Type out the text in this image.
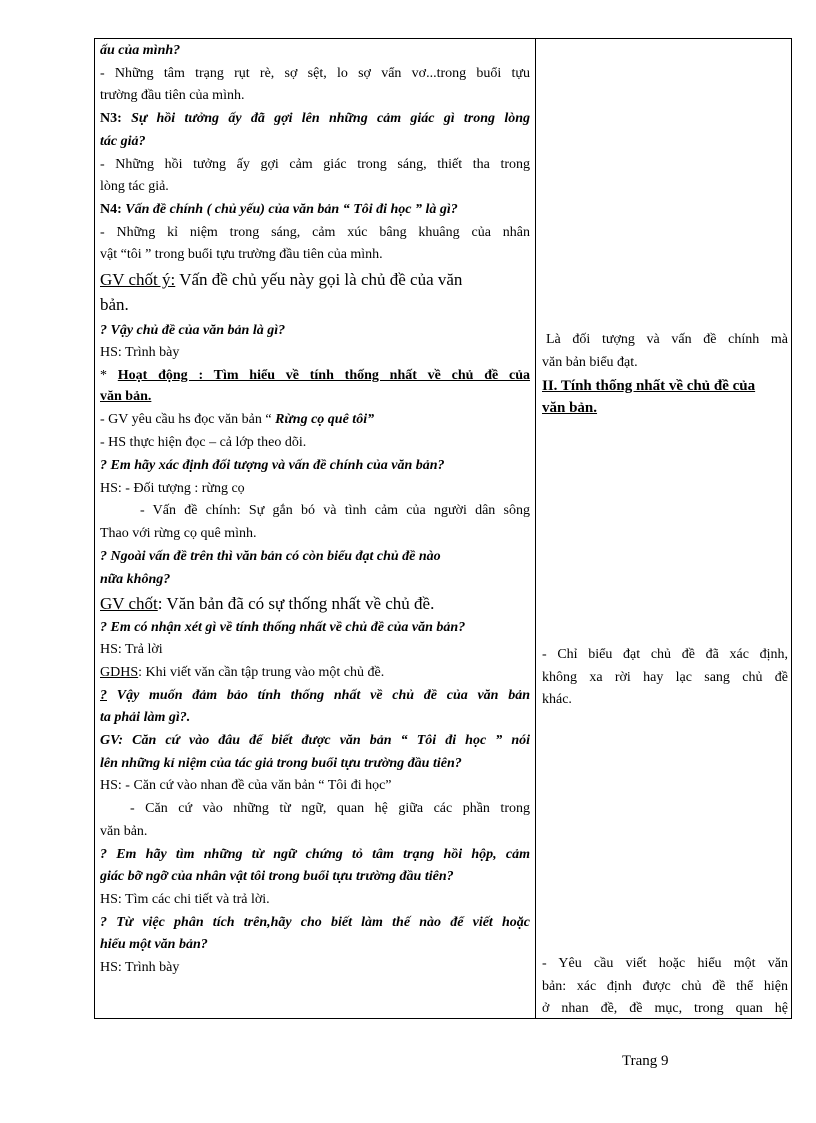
ấu của mình?
- Những tâm trạng rụt rè, sợ sệt, lo sợ vẩn vơ...trong buổi tựu
trường đầu tiên của mình.
N3: Sự hồi tưởng ấy đã gợi lên những cảm giác gì trong lòng
tác giả?
- Những hồi tưởng ấy gợi cảm giác trong sáng, thiết tha trong
lòng tác giả.
N4: Vấn đề chính ( chủ yếu) của văn bản “ Tôi đi học ” là gì?
- Những kỉ niệm trong sáng, cảm xúc bâng khuâng của nhân
vật “tôi ” trong buổi tựu trường đầu tiên của mình.
GV chốt ý: Vấn đề chủ yếu này gọi là chủ đề của văn
bản.
? Vậy chủ đề của văn bản là gì?
HS: Trình bày
* Hoạt động : Tìm hiểu về tính thống nhất về chủ đề của
văn bản.
- GV yêu cầu hs đọc văn bản “ Rừng cọ quê tôi”
- HS thực hiện đọc – cả lớp theo dõi.
? Em hãy xác định đối tượng và vấn đề chính của văn bản?
HS: - Đối tượng : rừng cọ
- Vấn đề chính: Sự gắn bó và tình cảm của người dân sông
Thao với rừng cọ quê mình.
? Ngoài vấn đề trên thì văn bản có còn biểu đạt chủ đề nào
nữa không?
GV chốt: Văn bản đã có sự thống nhất về chủ đề.
? Em có nhận xét gì về tính thống nhất về chủ đề của văn bản?
HS: Trả lời
GDHS: Khi viết văn cần tập trung vào một chủ đề.
? Vậy muốn đảm bảo tính thống nhất về chủ đề của văn bản
ta phải làm gì?.
GV: Căn cứ vào đâu để biết được văn bản “ Tôi đi học ” nói
lên những kỉ niệm của tác giả trong buổi tựu trường đầu tiên?
HS: - Căn cứ vào nhan đề của văn bản “ Tôi đi học”
- Căn cứ vào những từ ngữ, quan hệ giữa các phần trong
văn bản.
? Em hãy tìm những từ ngữ chứng tỏ tâm trạng hồi hộp, cảm
giác bỡ ngỡ của nhân vật tôi trong buổi tựu trường đầu tiên?
HS: Tìm các chi tiết và trả lời.
? Từ việc phân tích trên,hãy cho biết làm thế nào để viết hoặc
hiểu một văn bản?
HS: Trình bày
Là đối tượng và vấn đề chính mà
văn bản biểu đạt.
II. Tính thống nhất về chủ đề của
văn bản.
- Chỉ biểu đạt chủ đề đã xác định,
không xa rời hay lạc sang chủ đề
khác.
- Yêu cầu viết hoặc hiểu một văn
bản: xác định được chủ đề thể hiện
ở nhan đề, đề mục, trong quan hệ
Trang 9
